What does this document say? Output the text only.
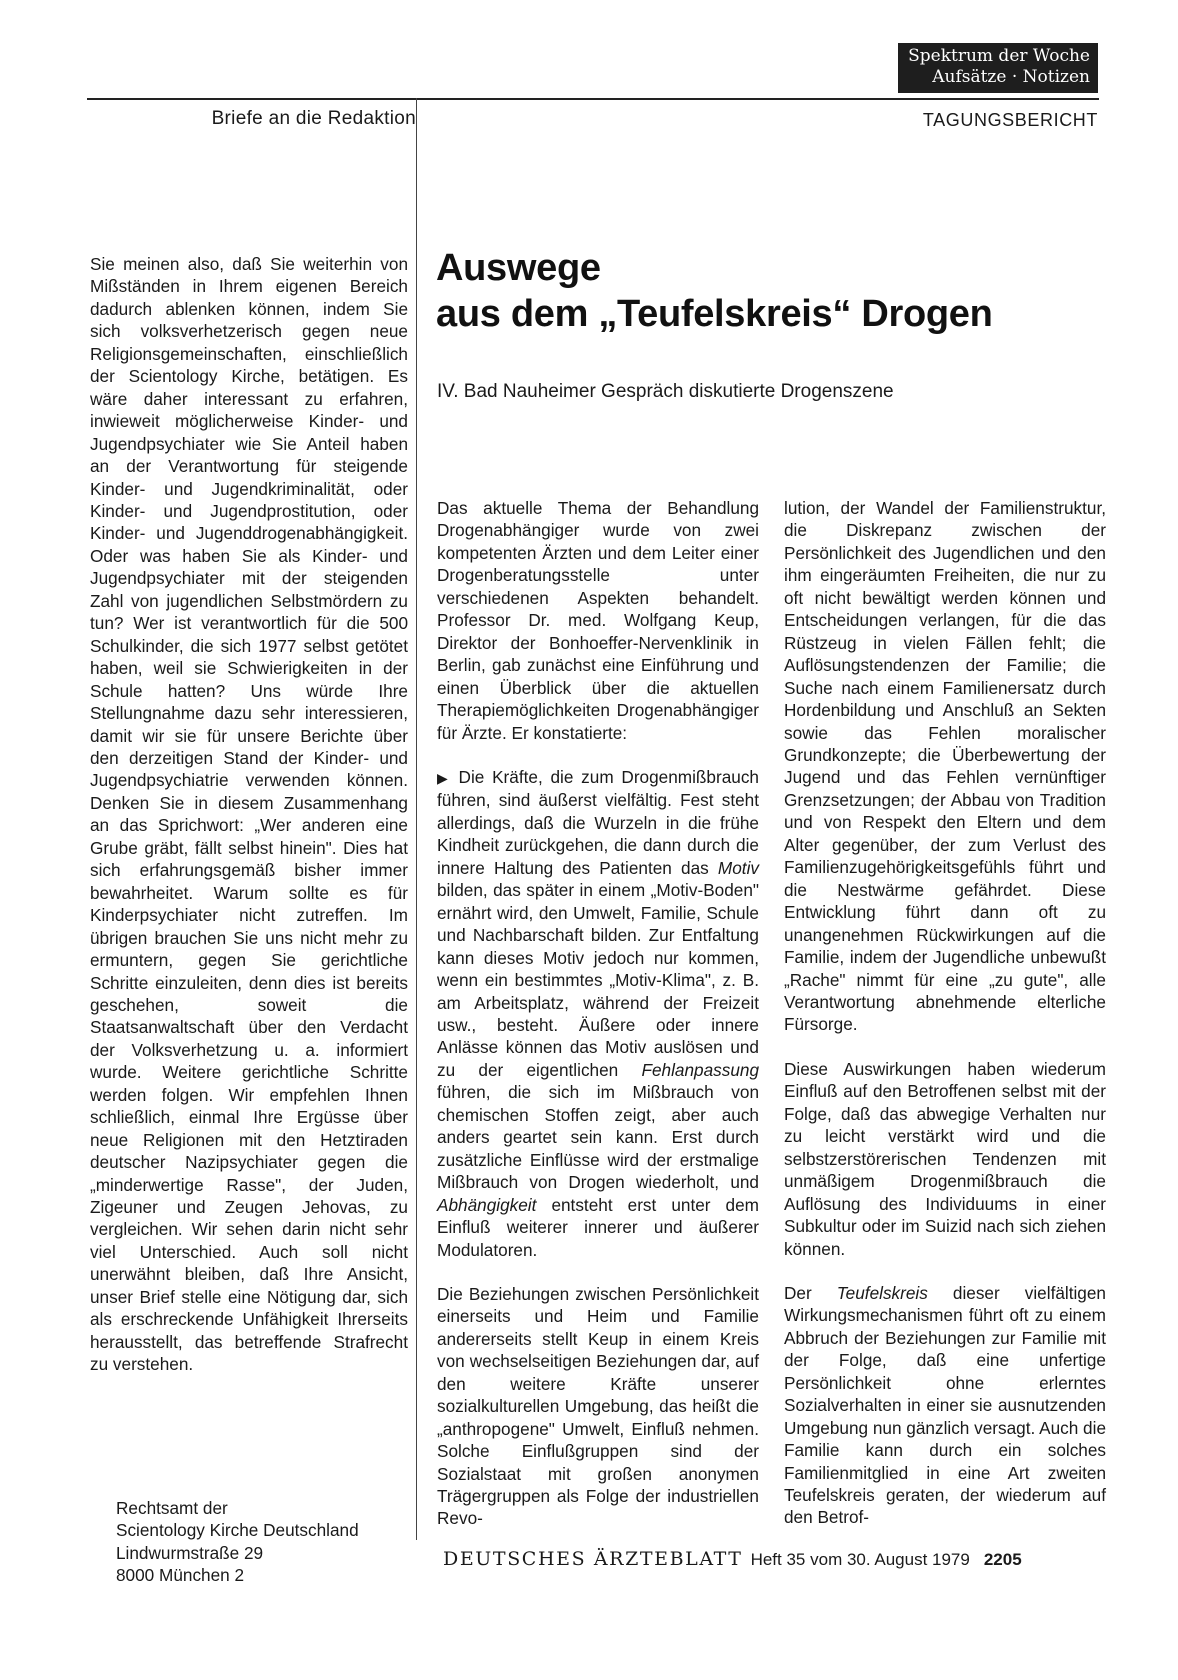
Spektrum der Woche
Aufsätze · Notizen
Briefe an die Redaktion	TAGUNGSBERICHT

Sie meinen also, daß Sie weiterhin von Mißständen in Ihrem eigenen Bereich dadurch ablenken können, indem Sie sich volksverhetzerisch gegen neue Religionsgemeinschaften, einschließlich der Scientology Kirche, betätigen. Es wäre daher interessant zu erfahren, inwieweit möglicherweise Kinder- und Jugendpsychiater wie Sie Anteil haben an der Verantwortung für steigende Kinder- und Jugendkriminalität, oder Kinder- und Jugendprostitution, oder Kinder- und Jugenddrogenabhängigkeit. Oder was haben Sie als Kinder- und Jugendpsychiater mit der steigenden Zahl von jugendlichen Selbstmördern zu tun? Wer ist verantwortlich für die 500 Schulkinder, die sich 1977 selbst getötet haben, weil sie Schwierigkeiten in der Schule hatten? Uns würde Ihre Stellungnahme dazu sehr interessieren, damit wir sie für unsere Berichte über den derzeitigen Stand der Kinder- und Jugendpsychiatrie verwenden können. Denken Sie in diesem Zusammenhang an das Sprichwort: „Wer anderen eine Grube gräbt, fällt selbst hinein". Dies hat sich erfahrungsgemäß bisher immer bewahrheitet. Warum sollte es für Kinderpsychiater nicht zutreffen. Im übrigen brauchen Sie uns nicht mehr zu ermuntern, gegen Sie gerichtliche Schritte einzuleiten, denn dies ist bereits geschehen, soweit die Staatsanwaltschaft über den Verdacht der Volksverhetzung u. a. informiert wurde. Weitere gerichtliche Schritte werden folgen. Wir empfehlen Ihnen schließlich, einmal Ihre Ergüsse über neue Religionen mit den Hetztiraden deutscher Nazipsychiater gegen die „minderwertige Rasse", der Juden, Zigeuner und Zeugen Jehovas, zu vergleichen. Wir sehen darin nicht sehr viel Unterschied. Auch soll nicht unerwähnt bleiben, daß Ihre Ansicht, unser Brief stelle eine Nötigung dar, sich als erschreckende Unfähigkeit Ihrerseits herausstellt, das betreffende Strafrecht zu verstehen.

Rechtsamt der
Scientology Kirche Deutschland
Lindwurmstraße 29
8000 München 2
Auswege
aus dem „Teufelskreis“ Drogen
IV. Bad Nauheimer Gespräch diskutierte Drogenszene

Das aktuelle Thema der Behandlung Drogenabhängiger wurde von zwei kompetenten Ärzten und dem Leiter einer Drogenberatungsstelle unter verschiedenen Aspekten behandelt. Professor Dr. med. Wolfgang Keup, Direktor der Bonhoeffer-Nervenklinik in Berlin, gab zunächst eine Einführung und einen Überblick über die aktuellen Therapiemöglichkeiten Drogenabhängiger für Ärzte. Er konstatierte:

▶ Die Kräfte, die zum Drogenmißbrauch führen, sind äußerst vielfältig. Fest steht allerdings, daß die Wurzeln in die frühe Kindheit zurückgehen, die dann durch die innere Haltung des Patienten das Motiv bilden, das später in einem „Motiv-Boden" ernährt wird, den Umwelt, Familie, Schule und Nachbarschaft bilden. Zur Entfaltung kann dieses Motiv jedoch nur kommen, wenn ein bestimmtes „Motiv-Klima", z. B. am Arbeitsplatz, während der Freizeit usw., besteht. Äußere oder innere Anlässe können das Motiv auslösen und zu der eigentlichen Fehlanpassung führen, die sich im Mißbrauch von chemischen Stoffen zeigt, aber auch anders geartet sein kann. Erst durch zusätzliche Einflüsse wird der erstmalige Mißbrauch von Drogen wiederholt, und Abhängigkeit entsteht erst unter dem Einfluß weiterer innerer und äußerer Modulatoren.

Die Beziehungen zwischen Persönlichkeit einerseits und Heim und Familie andererseits stellt Keup in einem Kreis von wechselseitigen Beziehungen dar, auf den weitere Kräfte unserer sozialkulturellen Umgebung, das heißt die „anthropogene" Umwelt, Einfluß nehmen. Solche Einflußgruppen sind der Sozialstaat mit großen anonymen Trägergruppen als Folge der industriellen Revo-

lution, der Wandel der Familienstruktur, die Diskrepanz zwischen der Persönlichkeit des Jugendlichen und den ihm eingeräumten Freiheiten, die nur zu oft nicht bewältigt werden können und Entscheidungen verlangen, für die das Rüstzeug in vielen Fällen fehlt; die Auflösungstendenzen der Familie; die Suche nach einem Familienersatz durch Hordenbildung und Anschluß an Sekten sowie das Fehlen moralischer Grundkonzepte; die Überbewertung der Jugend und das Fehlen vernünftiger Grenzsetzungen; der Abbau von Tradition und von Respekt den Eltern und dem Alter gegenüber, der zum Verlust des Familienzugehörigkeitsgefühls führt und die Nestwärme gefährdet. Diese Entwicklung führt dann oft zu unangenehmen Rückwirkungen auf die Familie, indem der Jugendliche unbewußt „Rache" nimmt für eine „zu gute", alle Verantwortung abnehmende elterliche Fürsorge.

Diese Auswirkungen haben wiederum Einfluß auf den Betroffenen selbst mit der Folge, daß das abwegige Verhalten nur zu leicht verstärkt wird und die selbstzerstörerischen Tendenzen mit unmäßigem Drogenmißbrauch die Auflösung des Individuums in einer Subkultur oder im Suizid nach sich ziehen können.

Der Teufelskreis dieser vielfältigen Wirkungsmechanismen führt oft zu einem Abbruch der Beziehungen zur Familie mit der Folge, daß eine unfertige Persönlichkeit ohne erlerntes Sozialverhalten in einer sie ausnutzenden Umgebung nun gänzlich versagt. Auch die Familie kann durch ein solches Familienmitglied in eine Art zweiten Teufelskreis geraten, der wiederum auf den Betrof-

DEUTSCHES ÄRZTEBLATT Heft 35 vom 30. August 1979 2205
